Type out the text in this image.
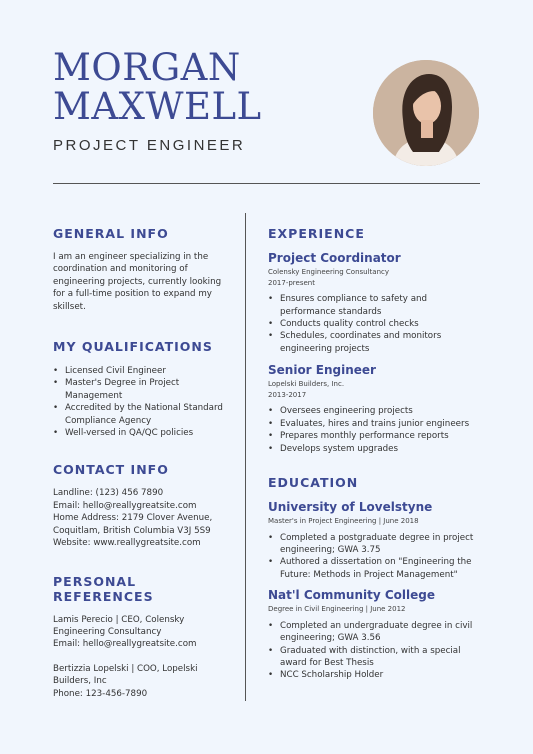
MORGAN
MAXWELL
PROJECT ENGINEER
GENERAL INFO

I am an engineer specializing in the coordination and monitoring of engineering projects, currently looking for a full-time position to expand my skillset.

MY QUALIFICATIONS
• Licensed Civil Engineer
• Master's Degree in Project Management
• Accredited by the National Standard Compliance Agency
• Well-versed in QA/QC policies
CONTACT INFO

Landline: (123) 456 7890

Email: hello@reallygreatsite.com

Home Address: 2179 Clover Avenue, Coquitlam, British Columbia V3J 5S9

Website: www.reallygreatsite.com

PERSONAL REFERENCES

Lamis Perecio | CEO, Colensky Engineering Consultancy

Email: hello@reallygreatsite.com

Bertizzia Lopelski | COO, Lopelski Builders, Inc

Phone: 123-456-7890

EXPERIENCE
Project Coordinator
Colensky Engineering Consultancy
2017-present
• Ensures compliance to safety and performance standards
• Conducts quality control checks
• Schedules, coordinates and monitors engineering projects
Senior Engineer
Lopelski Builders, Inc.
2013-2017
• Oversees engineering projects
• Evaluates, hires and trains junior engineers
• Prepares monthly performance reports
• Develops system upgrades
EDUCATION
University of Lovelstyne
Master's in Project Engineering | June 2018
• Completed a postgraduate degree in project engineering; GWA 3.75
• Authored a dissertation on "Engineering the Future: Methods in Project Management"
Nat'l Community College
Degree in Civil Engineering | June 2012
• Completed an undergraduate degree in civil engineering; GWA 3.56
• Graduated with distinction, with a special award for Best Thesis
• NCC Scholarship Holder
